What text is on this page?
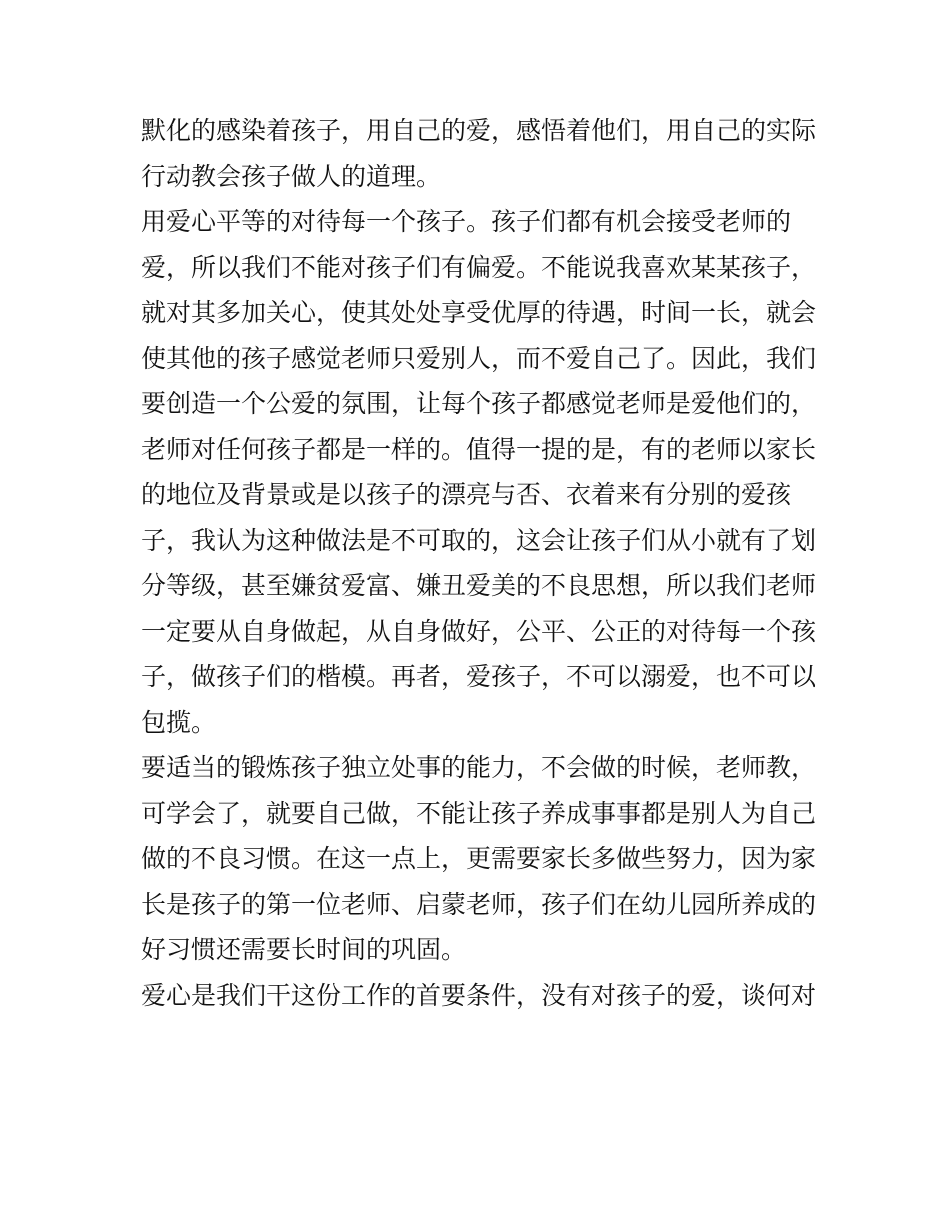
默化的感染着孩子，用自己的爱，感悟着他们，用自己的实际
行动教会孩子做人的道理。
用爱心平等的对待每一个孩子。孩子们都有机会接受老师的
爱，所以我们不能对孩子们有偏爱。不能说我喜欢某某孩子，
就对其多加关心，使其处处享受优厚的待遇，时间一长，就会
使其他的孩子感觉老师只爱别人，而不爱自己了。因此，我们
要创造一个公爱的氛围，让每个孩子都感觉老师是爱他们的，
老师对任何孩子都是一样的。值得一提的是，有的老师以家长
的地位及背景或是以孩子的漂亮与否、衣着来有分别的爱孩
子，我认为这种做法是不可取的，这会让孩子们从小就有了划
分等级，甚至嫌贫爱富、嫌丑爱美的不良思想，所以我们老师
一定要从自身做起，从自身做好，公平、公正的对待每一个孩
子，做孩子们的楷模。再者，爱孩子，不可以溺爱，也不可以
包揽。
要适当的锻炼孩子独立处事的能力，不会做的时候，老师教，
可学会了，就要自己做，不能让孩子养成事事都是别人为自己
做的不良习惯。在这一点上，更需要家长多做些努力，因为家
长是孩子的第一位老师、启蒙老师，孩子们在幼儿园所养成的
好习惯还需要长时间的巩固。
爱心是我们干这份工作的首要条件，没有对孩子的爱，谈何对
